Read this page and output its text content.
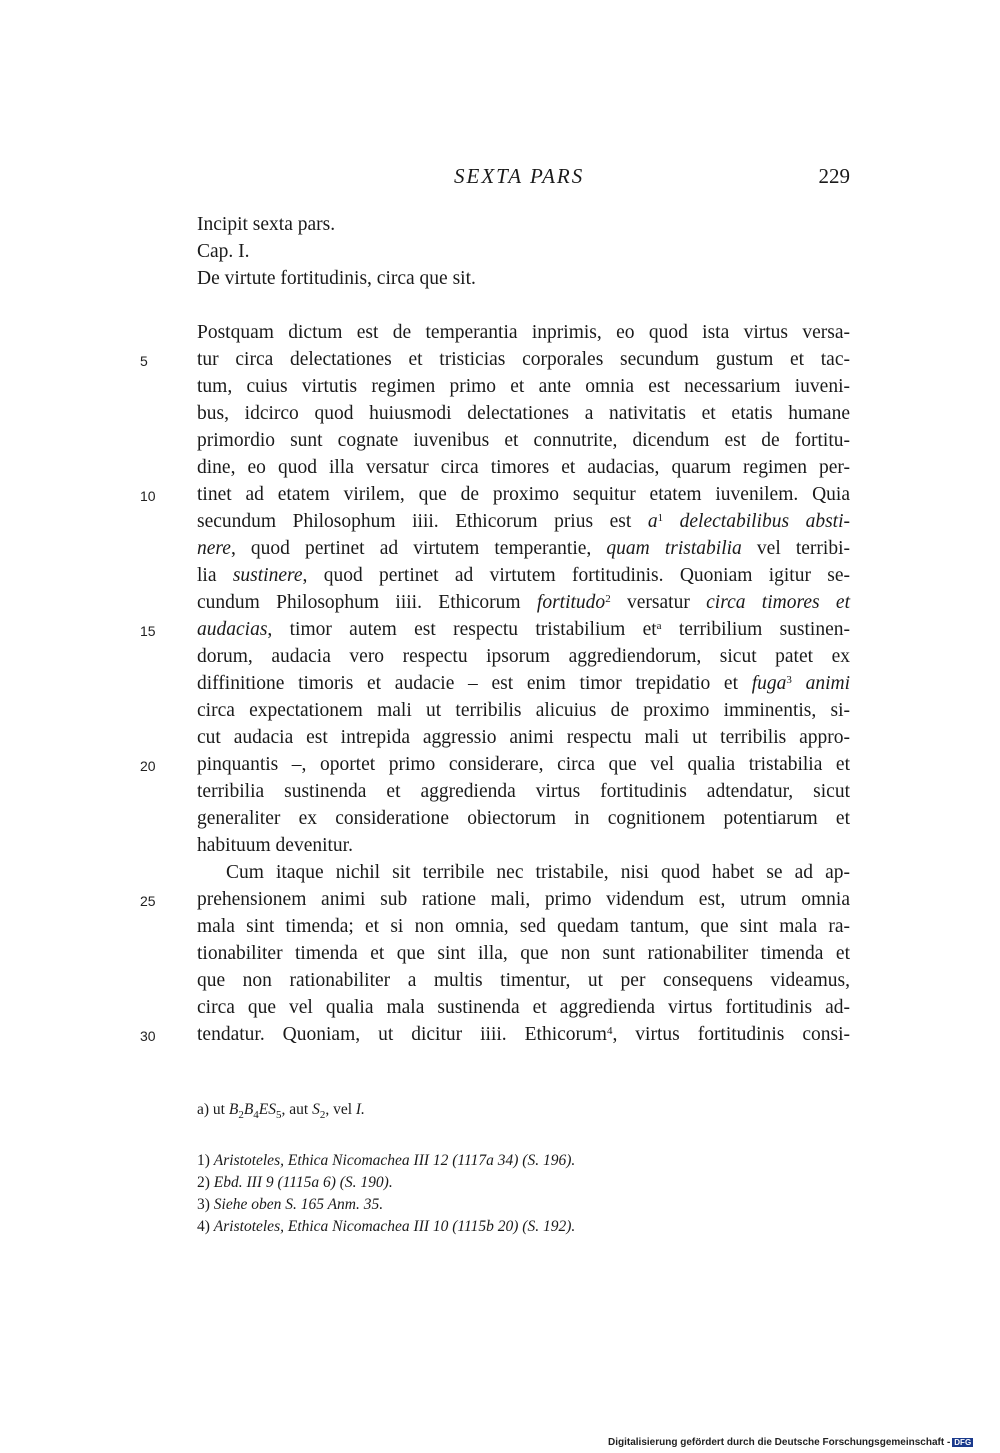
SEXTA PARS	229
Incipit sexta pars.
Cap. I.
De virtute fortitudinis, circa que sit.
Postquam dictum est de temperantia inprimis, eo quod ista virtus versa-
tur circa delectationes et tristicias corporales secundum gustum et tac-
tum, cuius virtutis regimen primo et ante omnia est necessarium iuveni-
bus, idcirco quod huiusmodi delectationes a nativitatis et etatis humane
primordio sunt cognate iuvenibus et connutrite, dicendum est de fortitu-
dine, eo quod illa versatur circa timores et audacias, quarum regimen per-
tinet ad etatem virilem, que de proximo sequitur etatem iuvenilem. Quia
secundum Philosophum iiii. Ethicorum prius est $a^1$ delectabilibus absti-
nere, quod pertinet ad virtutem temperantie, quam tristabilia vel terribi-
lia sustinere, quod pertinet ad virtutem fortitudinis. Quoniam igitur se-
cundum Philosophum iiii. Ethicorum fortitudo$^2$ versatur circa timores et
audacias, timor autem est respectu tristabilium $et^a$ terribilium sustinen-
dorum, audacia vero respectu ipsorum aggrediendorum, sicut patet ex
diffinitione timoris et audacie – est enim timor trepidatio et fuga$^3$ animi
circa expectationem mali ut terribilis alicuius de proximo imminentis, si-
cut audacia est intrepida aggressio animi respectu mali ut terribilis appro-
pinquantis –, oportet primo considerare, circa que vel qualia tristabilia et
terribilia sustinenda et aggredienda virtus fortitudinis adtendatur, sicut
generaliter ex consideratione obiectorum in cognitionem potentiarum et
habituum devenitur.
Cum itaque nichil sit terribile nec tristabile, nisi quod habet se ad ap-
prehensionem animi sub ratione mali, primo videndum est, utrum omnia
mala sint timenda; et si non omnia, sed quedam tantum, que sint mala ra-
tionabiliter timenda et que sint illa, que non sunt rationabiliter timenda et
que non rationabiliter a multis timentur, ut per consequens videamus,
circa que vel qualia mala sustinenda et aggredienda virtus fortitudinis ad-
tendatur. Quoniam, ut dicitur iiii. Ethicorum$^4$, virtus fortitudinis consi-
5
10
15
20
25
30
a) ut $B_2B_4ES_5$, aut $S_2$, vel I.
1) Aristoteles, Ethica Nicomachea III 12 (1117a 34) (S. 196).
2) Ebd. III 9 (1115a 6) (S. 190).
3) Siehe oben S. 165 Anm. 35.
4) Aristoteles, Ethica Nicomachea III 10 (1115b 20) (S. 192).
Digitalisierung gefördert durch die Deutsche Forschungsgemeinschaft - DFG
